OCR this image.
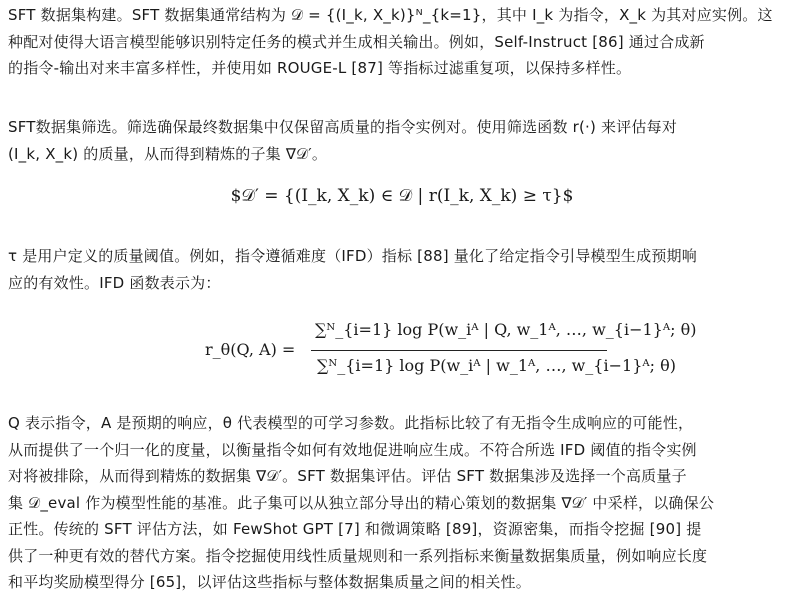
SFT 数据集构建。SFT 数据集通常结构为 𝒟 = {(I_k, X_k)}ᴺ_{k=1}，其中 I_k 为指令，X_k 为其对应实例。这
种配对使得大语言模型能够识别特定任务的模式并生成相关输出。例如，Self-Instruct [86] 通过合成新
的指令-输出对来丰富多样性，并使用如 ROUGE-L [87] 等指标过滤重复项，以保持多样性。

SFT数据集筛选。筛选确保最终数据集中仅保留高质量的指令实例对。使用筛选函数 r(·) 来评估每对
(I_k, X_k) 的质量，从而得到精炼的子集 ∇𝒟′。

$𝒟′ = {(I_k, X_k) ∈ 𝒟 | r(I_k, X_k) ≥ τ}$

τ 是用户定义的质量阈值。例如，指令遵循难度（IFD）指标 [88] 量化了给定指令引导模型生成预期响
应的有效性。IFD 函数表示为：

r_θ(Q, A) =
∑ᴺ_{i=1} log P(w_iᴬ | Q, w_1ᴬ, …, w_{i−1}ᴬ; θ)
∑ᴺ_{i=1} log P(w_iᴬ | w_1ᴬ, …, w_{i−1}ᴬ; θ)

Q 表示指令，A 是预期的响应，θ 代表模型的可学习参数。此指标比较了有无指令生成响应的可能性，
从而提供了一个归一化的度量，以衡量指令如何有效地促进响应生成。不符合所选 IFD 阈值的指令实例
对将被排除，从而得到精炼的数据集 ∇𝒟′。SFT 数据集评估。评估 SFT 数据集涉及选择一个高质量子
集 𝒟_eval 作为模型性能的基准。此子集可以从独立部分导出的精心策划的数据集 ∇𝒟′ 中采样，以确保公
正性。传统的 SFT 评估方法，如 FewShot GPT [7] 和微调策略 [89]，资源密集，而指令挖掘 [90] 提
供了一种更有效的替代方案。指令挖掘使用线性质量规则和一系列指标来衡量数据集质量，例如响应长度
和平均奖励模型得分 [65]，以评估这些指标与整体数据集质量之间的相关性。
